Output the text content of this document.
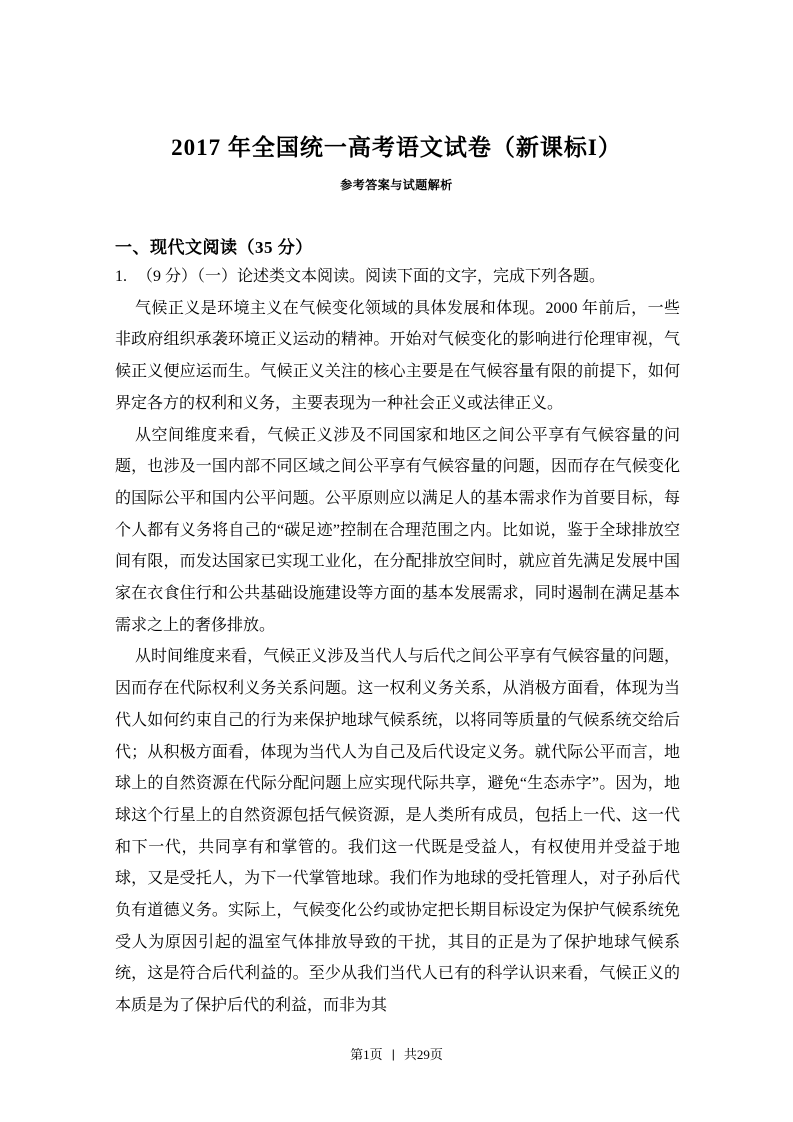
2017 年全国统一高考语文试卷（新课标I）
参考答案与试题解析
一、现代文阅读（35 分）
1. （9 分）（一）论述类文本阅读。阅读下面的文字，完成下列各题。

气候正义是环境主义在气候变化领域的具体发展和体现。2000 年前后，一些非政府组织承袭环境正义运动的精神。开始对气候变化的影响进行伦理审视，气候正义便应运而生。气候正义关注的核心主要是在气候容量有限的前提下，如何界定各方的权利和义务，主要表现为一种社会正义或法律正义。

从空间维度来看，气候正义涉及不同国家和地区之间公平享有气候容量的问题，也涉及一国内部不同区域之间公平享有气候容量的问题，因而存在气候变化的国际公平和国内公平问题。公平原则应以满足人的基本需求作为首要目标，每个人都有义务将自己的“碳足迹”控制在合理范围之内。比如说，鉴于全球排放空间有限，而发达国家已实现工业化，在分配排放空间时，就应首先满足发展中国家在衣食住行和公共基础设施建设等方面的基本发展需求，同时遏制在满足基本需求之上的奢侈排放。

从时间维度来看，气候正义涉及当代人与后代之间公平享有气候容量的问题，因而存在代际权利义务关系问题。这一权利义务关系，从消极方面看，体现为当代人如何约束自己的行为来保护地球气候系统，以将同等质量的气候系统交给后代；从积极方面看，体现为当代人为自己及后代设定义务。就代际公平而言，地球上的自然资源在代际分配问题上应实现代际共享，避免“生态赤字”。因为，地球这个行星上的自然资源包括气候资源，是人类所有成员，包括上一代、这一代和下一代，共同享有和掌管的。我们这一代既是受益人，有权使用并受益于地球，又是受托人，为下一代掌管地球。我们作为地球的受托管理人，对子孙后代负有道德义务。实际上，气候变化公约或协定把长期目标设定为保护气候系统免受人为原因引起的温室气体排放导致的干扰，其目的正是为了保护地球气候系统，这是符合后代利益的。至少从我们当代人已有的科学认识来看，气候正义的本质是为了保护后代的利益，而非为其

第1页 | 共29页
